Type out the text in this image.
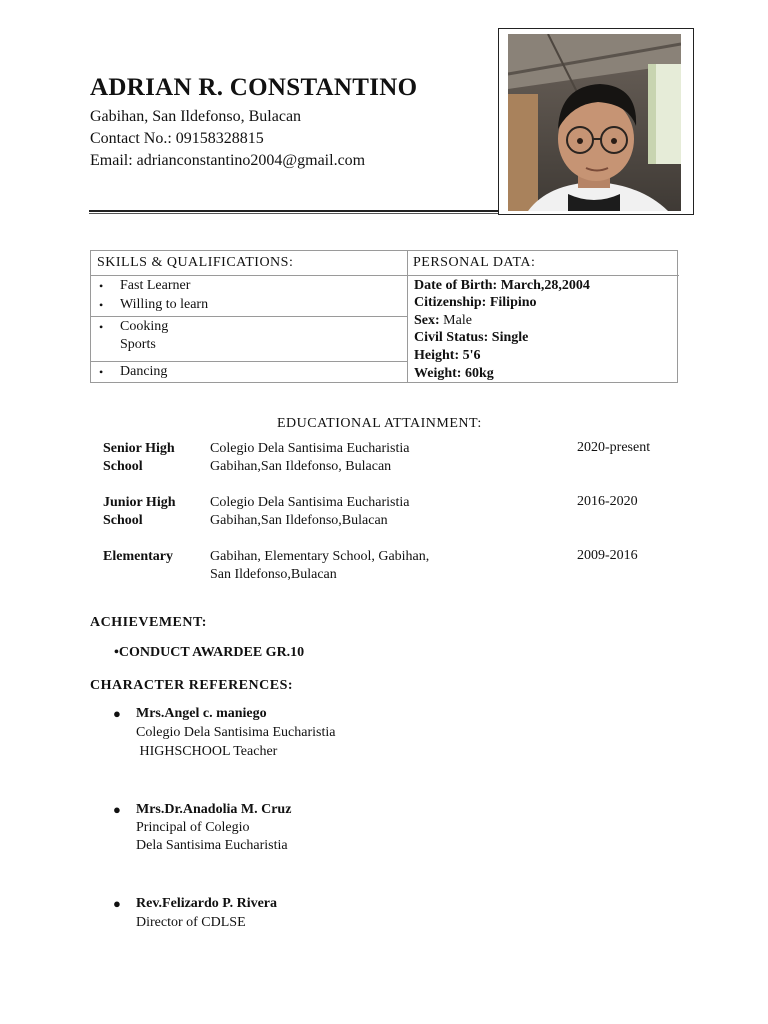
ADRIAN R. CONSTANTINO
Gabihan, San Ildefonso, Bulacan
Contact No.: 09158328815
Email: adrianconstantino2004@gmail.com
SKILLS & QUALIFICATIONS:	PERSONAL DATA:
• Fast Learner
• Willing to learn
• Cooking
Sports
• Dancing
Date of Birth: March,28,2004
Citizenship: Filipino
Sex: Male
Civil Status: Single
Height: 5'6
Weight: 60kg
EDUCATIONAL ATTAINMENT:
Senior High School
Colegio Dela Santisima Eucharistia
Gabihan,San Ildefonso, Bulacan
2020-present
Junior High School
Colegio Dela Santisima Eucharistia
Gabihan,San Ildefonso,Bulacan
2016-2020
Elementary	Gabihan, Elementary School, Gabihan,
San Ildefonso,Bulacan
2009-2016
ACHIEVEMENT:
•CONDUCT AWARDEE GR.10
CHARACTER REFERENCES:
● Mrs.Angel c. maniego
Colegio Dela Santisima Eucharistia
HIGHSCHOOL Teacher
● Mrs.Dr.Anadolia M. Cruz
Principal of Colegio
Dela Santisima Eucharistia
● Rev.Felizardo P. Rivera
Director of CDLSE
